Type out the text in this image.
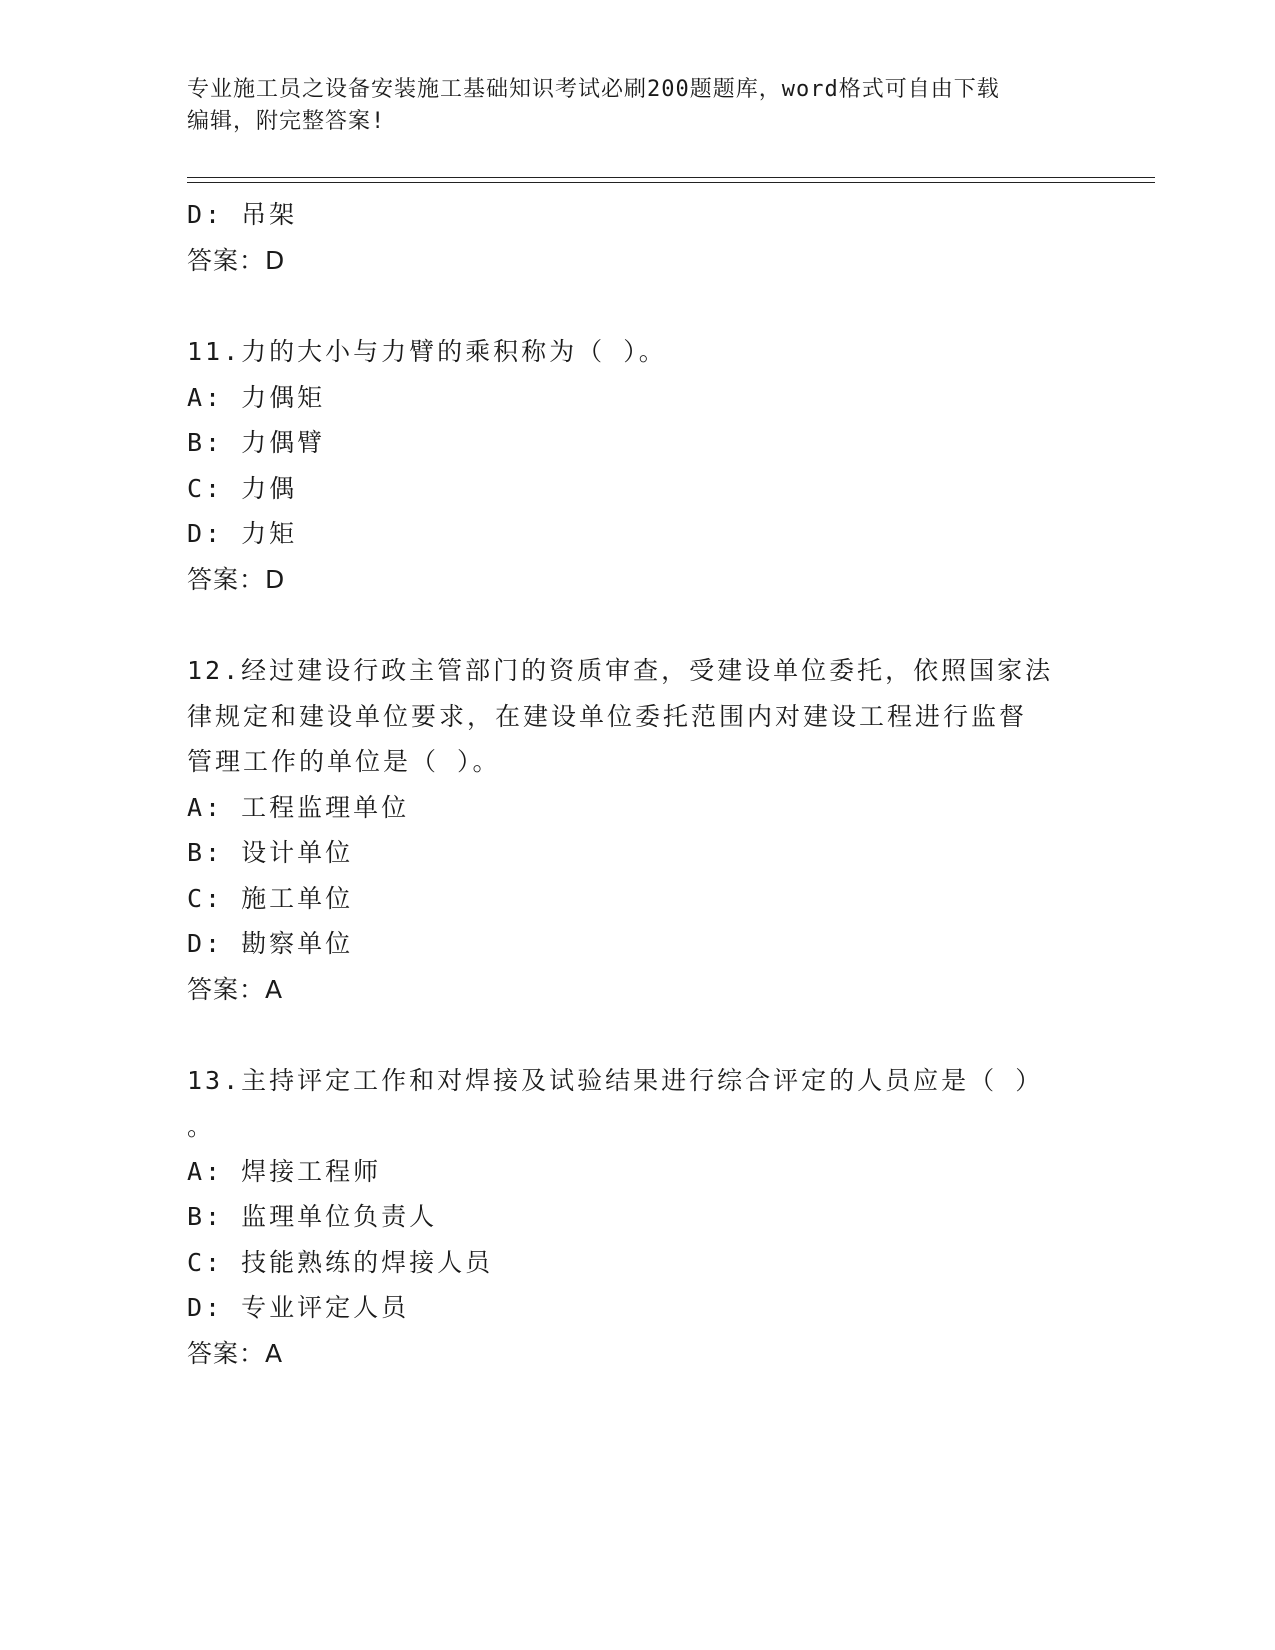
专业施工员之设备安装施工基础知识考试必刷200题题库，word格式可自由下载
编辑，附完整答案!
D: 吊架
答案：D
11.力的大小与力臂的乘积称为（ ）。
A: 力偶矩
B: 力偶臂
C: 力偶
D: 力矩
答案：D
12.经过建设行政主管部门的资质审查，受建设单位委托，依照国家法
律规定和建设单位要求，在建设单位委托范围内对建设工程进行监督
管理工作的单位是（ ）。
A: 工程监理单位
B: 设计单位
C: 施工单位
D: 勘察单位
答案：A
13.主持评定工作和对焊接及试验结果进行综合评定的人员应是（ ）
。
A: 焊接工程师
B: 监理单位负责人
C: 技能熟练的焊接人员
D: 专业评定人员
答案：A
